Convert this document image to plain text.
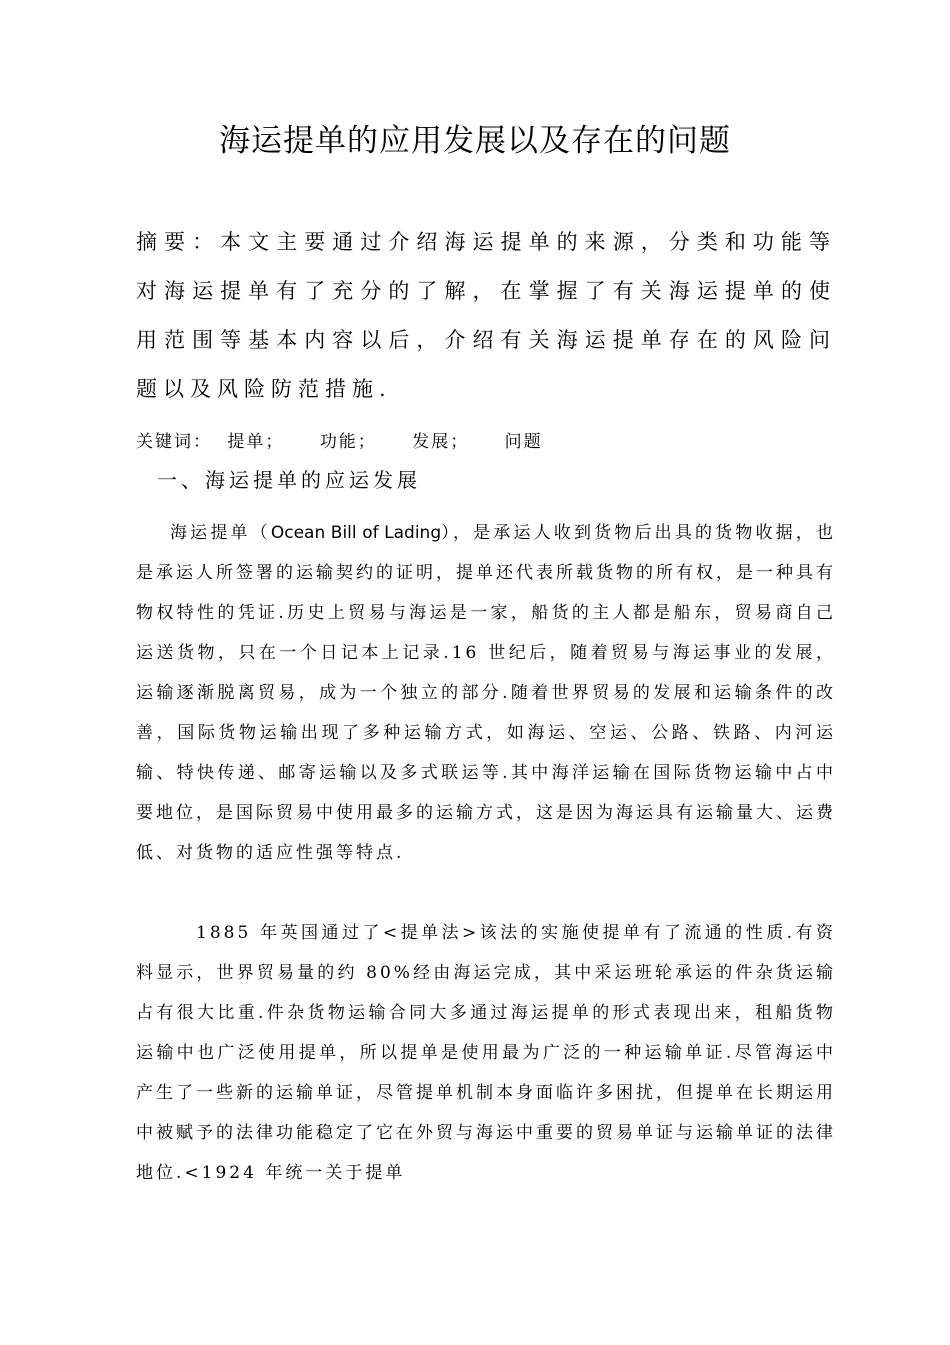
海运提单的应用发展以及存在的问题

摘要：本文主要通过介绍海运提单的来源，分类和功能等对海运提单有了充分的了解，在掌握了有关海运提单的使用范围等基本内容以后，介绍有关海运提单存在的风险问题以及风险防范措施.

关键词： 提单； 功能； 发展； 问题
一、海运提单的应运发展

海运提单（Ocean Bill of Lading），是承运人收到货物后出具的货物收据，也是承运人所签署的运输契约的证明，提单还代表所载货物的所有权，是一种具有物权特性的凭证.历史上贸易与海运是一家，船货的主人都是船东，贸易商自己运送货物，只在一个日记本上记录.16 世纪后，随着贸易与海运事业的发展，运输逐渐脱离贸易，成为一个独立的部分.随着世界贸易的发展和运输条件的改善，国际货物运输出现了多种运输方式，如海运、空运、公路、铁路、内河运输、特快传递、邮寄运输以及多式联运等.其中海洋运输在国际货物运输中占中要地位，是国际贸易中使用最多的运输方式，这是因为海运具有运输量大、运费低、对货物的适应性强等特点.

1885 年英国通过了<提单法>该法的实施使提单有了流通的性质.有资料显示，世界贸易量的约 80%经由海运完成，其中采运班轮承运的件杂货运输占有很大比重.件杂货物运输合同大多通过海运提单的形式表现出来，租船货物运输中也广泛使用提单，所以提单是使用最为广泛的一种运输单证.尽管海运中产生了一些新的运输单证，尽管提单机制本身面临许多困扰，但提单在长期运用中被赋予的法律功能稳定了它在外贸与海运中重要的贸易单证与运输单证的法律地位.<1924 年统一关于提单
